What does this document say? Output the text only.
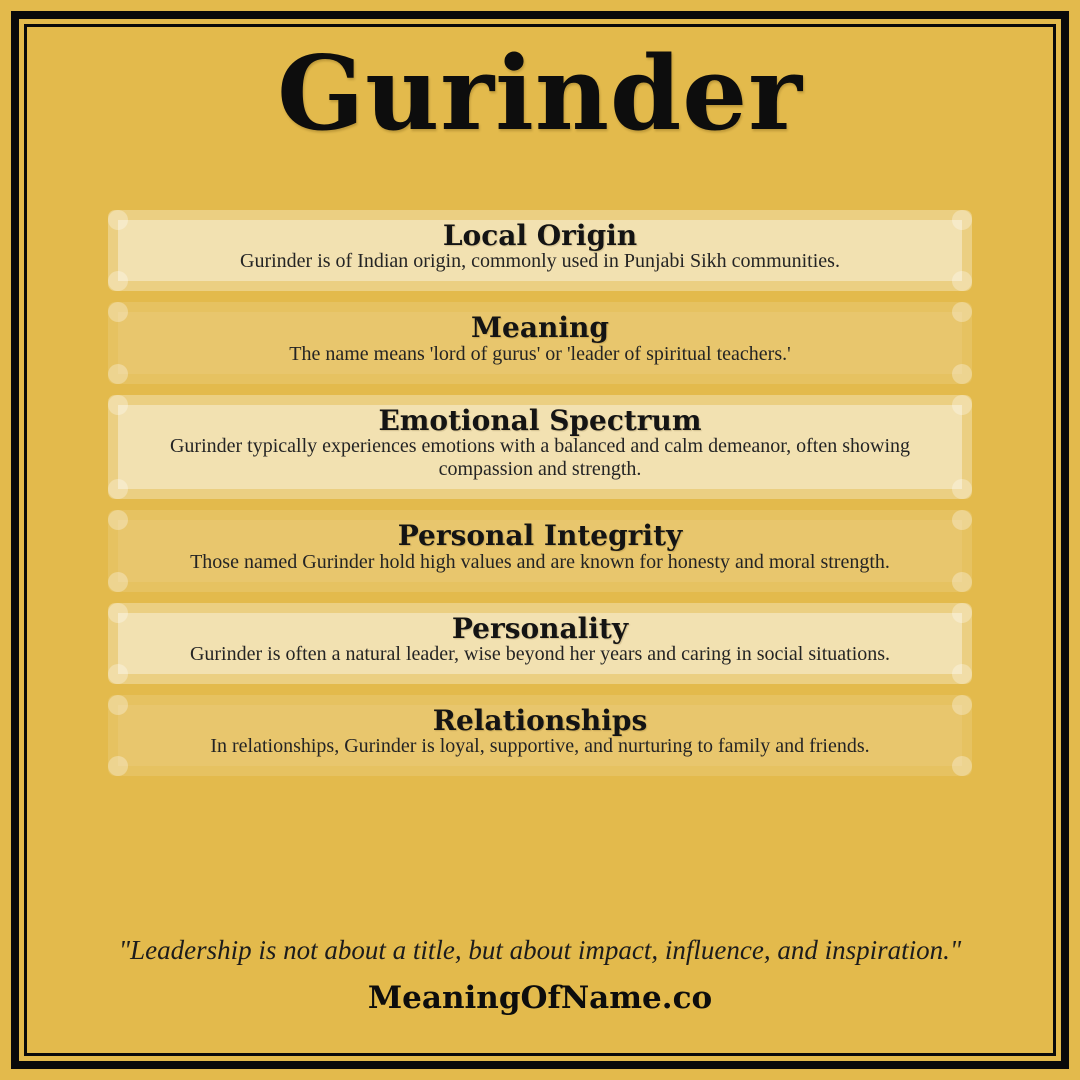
Gurinder
Local Origin

Gurinder is of Indian origin, commonly used in Punjabi Sikh communities.

Meaning

The name means 'lord of gurus' or 'leader of spiritual teachers.'

Emotional Spectrum

Gurinder typically experiences emotions with a balanced and calm demeanor, often showing compassion and strength.

Personal Integrity

Those named Gurinder hold high values and are known for honesty and moral strength.

Personality

Gurinder is often a natural leader, wise beyond her years and caring in social situations.

Relationships

In relationships, Gurinder is loyal, supportive, and nurturing to family and friends.

"Leadership is not about a title, but about impact, influence, and inspiration."
MeaningOfName.co
